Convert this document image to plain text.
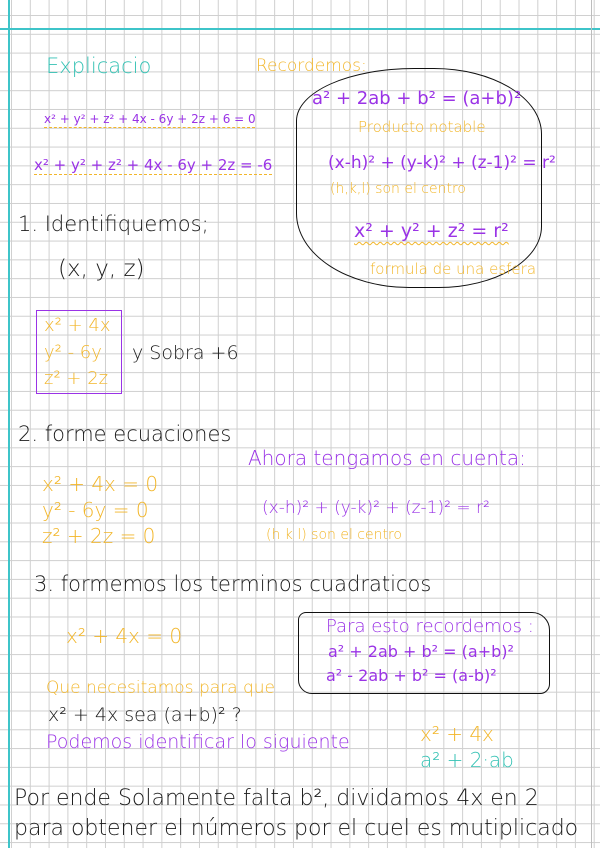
Explicacio	Recordemos:
a² + 2ab + b² = (a+b)²
Producto notable
(x-h)² + (y-k)² + (z-1)² = r²
(h,k,l) son el centro
x² + y² + z² = r²
formula de una esfera
x² + y² + z² + 4x - 6y + 2z + 6 = 0
x² + y² + z² + 4x - 6y + 2z = -6
1. Identifiquemos;
(x, y, z)
x² + 4x
y² - 6y
z² + 2z
y Sobra +6
2. forme ecuaciones
x² + 4x = 0
y² - 6y = 0
z² + 2z = 0
Ahora tengamos en cuenta:
(x-h)² + (y-k)² + (z-1)² = r²
(h k l) son el centro
3. formemos los terminos cuadraticos
x² + 4x = 0
Que necesitamos para que
x² + 4x sea (a+b)² ?
Podemos identificar lo siguiente
Para esto recordemos :
a² + 2ab + b² = (a+b)²
a² - 2ab + b² = (a-b)²
x² + 4x
a² + 2·ab
Por ende Solamente falta b², dividamos 4x en 2
para obtener el números por el cuel es mutiplicado
